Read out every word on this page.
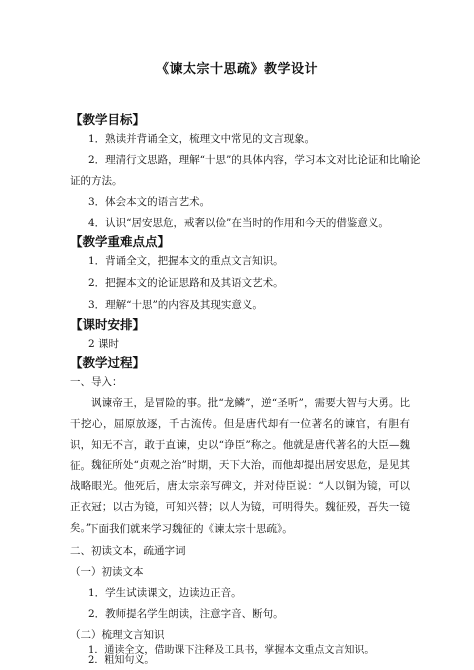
《谏太宗十思疏》教学设计
【教学目标】
1．熟读并背诵全文，梳理文中常见的文言现象。
2．理清行文思路，理解“十思”的具体内容，学习本文对比论证和比喻论
证的方法。
3．体会本文的语言艺术。
4．认识“居安思危，戒奢以俭”在当时的作用和今天的借鉴意义。
【教学重难点点】
1．背诵全文，把握本文的重点文言知识。
2．把握本文的论证思路和及其语文艺术。
3．理解“十思”的内容及其现实意义。
【课时安排】
2 课时
【教学过程】
一、导入：
讽谏帝王，是冒险的事。批“龙鳞”，逆“圣听”，需要大智与大勇。比干挖心，屈原放逐，千古流传。但是唐代却有一位著名的谏官，有胆有识，知无不言，敢于直谏，史以“诤臣”称之。他就是唐代著名的大臣—魏征。 魏征所处“贞观之治”时期，天下大治，而他却提出居安思危，是见其战略眼光。他死后，唐太宗亲写碑文，并对侍臣说：“人以铜为镜，可以正衣冠；以古为镜，可知兴替；以人为镜，可明得失。魏征殁，吾失一镜矣。”
下面我们就来学习魏征的《谏太宗十思疏》。
二、初读文本，疏通字词
（一）初读文本
1．学生试读课文，边读边正音。
2．教师提名学生朗读，注意字音、断句。
（二）梳理文言知识
1．通读全文，借助课下注释及工具书，掌握本文重点文言知识。
2．粗知句义。
